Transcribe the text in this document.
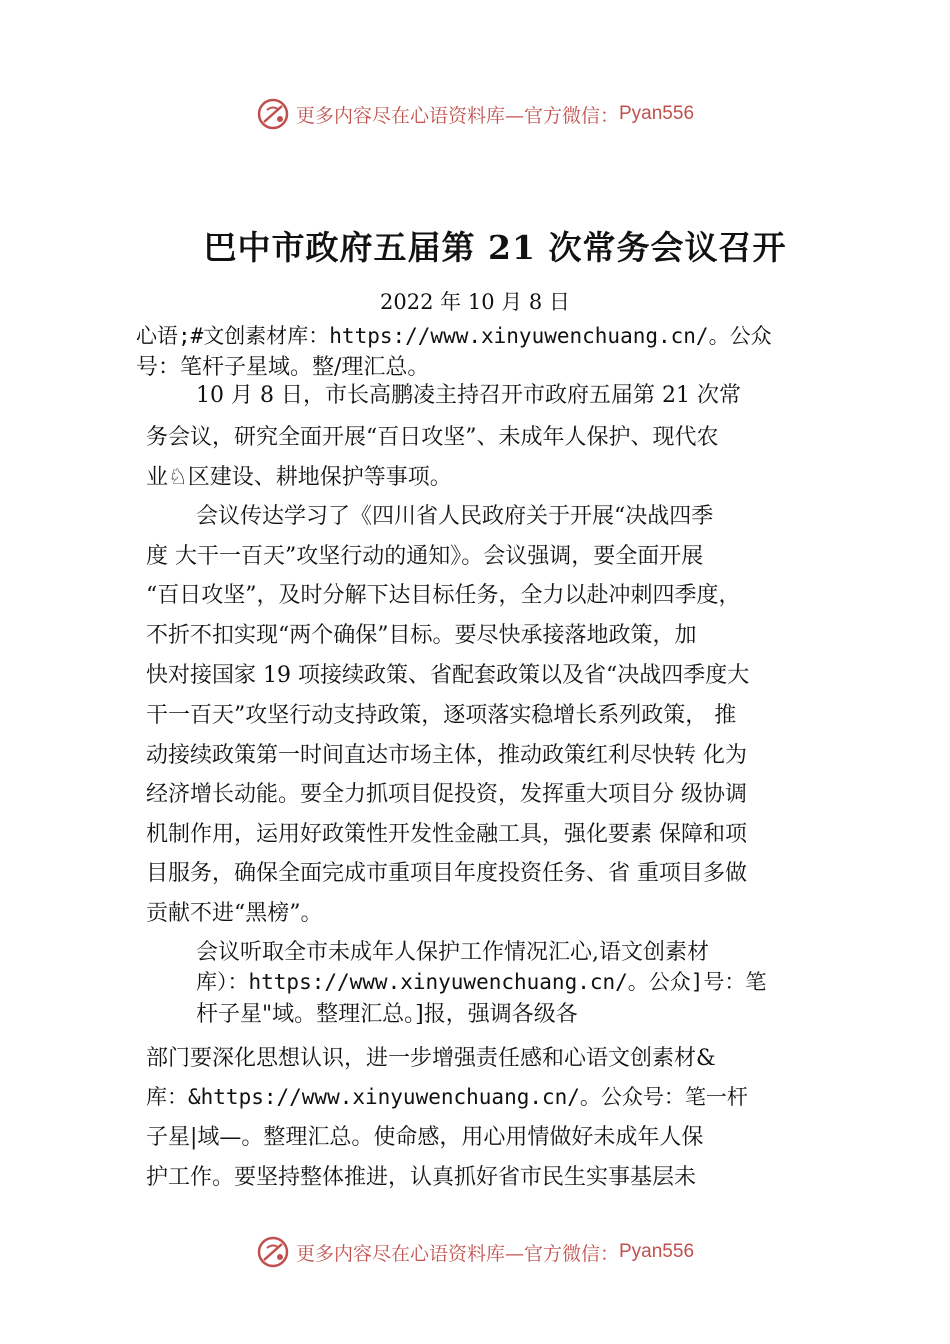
更多内容尽在心语资料库—官方微信： Pyan556
巴中市政府五届第 21 次常务会议召开
2022 年 10 月 8 日
心语;#文创素材库：https://www.xinyuwenchuang.cn/。公众
号：笔杆子星域。整/理汇总。
10 月 8 日，市长高鹏凌主持召开市政府五届第 21 次常
务会议，研究全面开展“百日攻坚”、未成年人保护、现代农
业♘区建设、耕地保护等事项。
会议传达学习了《四川省人民政府关于开展“决战四季
度 大干一百天”攻坚行动的通知》。会议强调，要全面开展
“百日攻坚”，及时分解下达目标任务，全力以赴冲刺四季度，
不折不扣实现“两个确保”目标。要尽快承接落地政策，加
快对接国家 19 项接续政策、省配套政策以及省“决战四季度大
干一百天”攻坚行动支持政策，逐项落实稳增长系列政策， 推
动接续政策第一时间直达市场主体，推动政策红利尽快转 化为
经济增长动能。要全力抓项目促投资，发挥重大项目分 级协调
机制作用，运用好政策性开发性金融工具，强化要素 保障和项
目服务，确保全面完成市重项目年度投资任务、省 重项目多做
贡献不进“黑榜”。
会议听取全市未成年人保护工作情况汇心,语文创素材
库）：https://www.xinyuwenchuang.cn/。公众]号：笔
杆子星"域。整理汇总。]报，强调各级各
部门要深化思想认识，进一步增强责任感和心语文创素材&
库：&https://www.xinyuwenchuang.cn/。公众号：笔一杆
子星|域—。整理汇总。使命感，用心用情做好未成年人保
护工作。要坚持整体推进，认真抓好省市民生实事基层未
更多内容尽在心语资料库—官方微信： Pyan556
